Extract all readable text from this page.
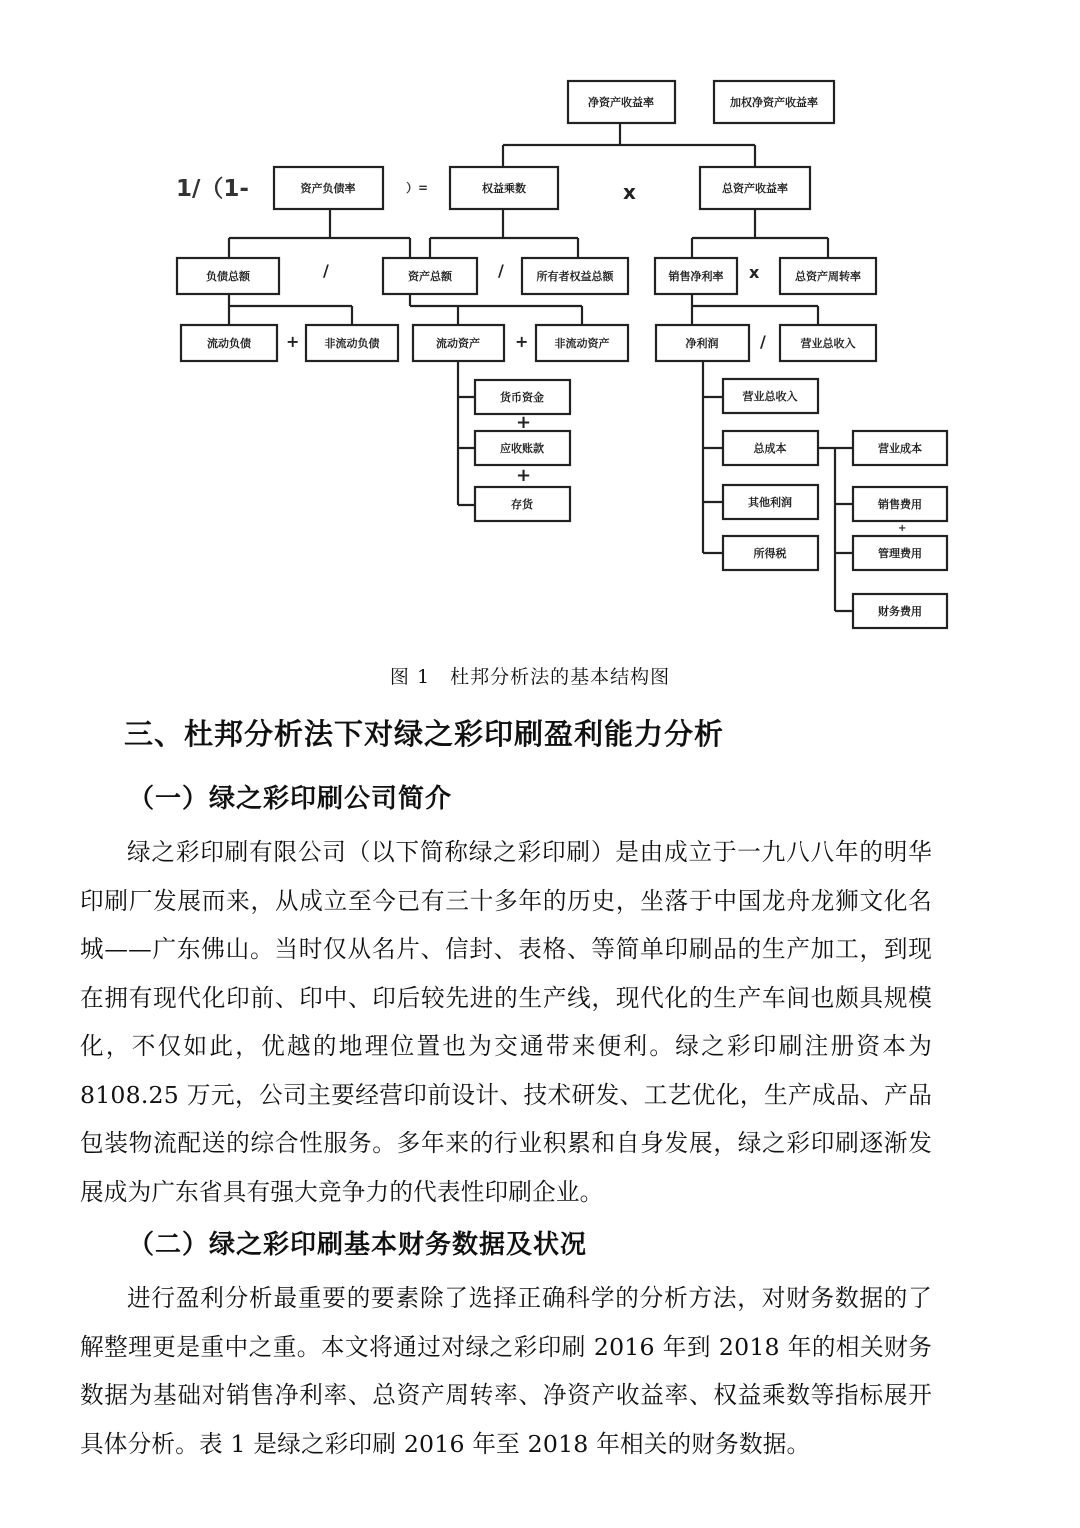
净资产收益率	加权净资产收益率
资产负债率	权益乘数	总资产收益率
负债总额	资产总额	所有者权益总额	销售净利率	总资产周转率
流动负债	非流动负债	流动资产	非流动资产	净利润	营业总收入
货币资金
应收账款
存货
营业总收入
总成本
其他利润
所得税
营业成本
销售费用
管理费用
财务费用
1/（1-	）=	x
/	/	x
+	+	/
+
+
+
图 1 杜邦分析法的基本结构图
三、杜邦分析法下对绿之彩印刷盈利能力分析
（一）绿之彩印刷公司简介

绿之彩印刷有限公司（以下简称绿之彩印刷）是由成立于一九八八年的明华印刷厂发展而来，从成立至今已有三十多年的历史，坐落于中国龙舟龙狮文化名城——广东佛山。当时仅从名片、信封、表格、等简单印刷品的生产加工，到现在拥有现代化印前、印中、印后较先进的生产线，现代化的生产车间也颇具规模化，不仅如此，优越的地理位置也为交通带来便利。绿之彩印刷注册资本为 8108.25 万元，公司主要经营印前设计、技术研发、工艺优化，生产成品、产品包装物流配送的综合性服务。多年来的行业积累和自身发展，绿之彩印刷逐渐发展成为广东省具有强大竞争力的代表性印刷企业。

（二）绿之彩印刷基本财务数据及状况

进行盈利分析最重要的要素除了选择正确科学的分析方法，对财务数据的了解整理更是重中之重。本文将通过对绿之彩印刷 2016 年到 2018 年的相关财务数据为基础对销售净利率、总资产周转率、净资产收益率、权益乘数等指标展开具体分析。表 1 是绿之彩印刷 2016 年至 2018 年相关的财务数据。
